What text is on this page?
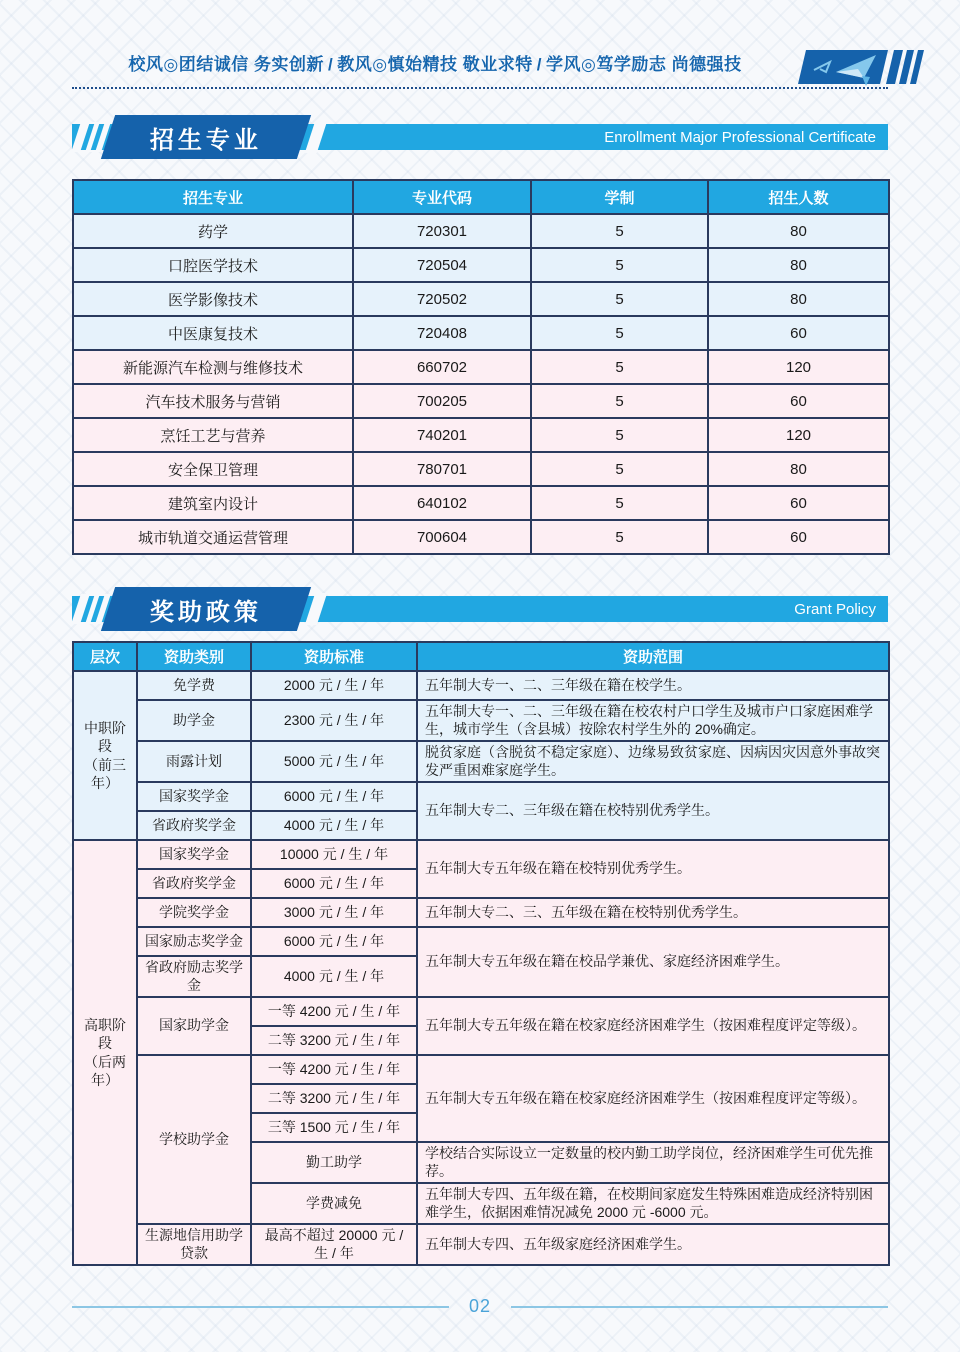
校风◎团结诚信 务实创新 / 教风◎慎始精技 敬业求特 / 学风◎笃学励志 尚德强技
Enrollment Major Professional Certificate
招生专业
招生专业	专业代码	学制	招生人数
药学	720301	5	80
口腔医学技术	720504	5	80
医学影像技术	720502	5	80
中医康复技术	720408	5	60
新能源汽车检测与维修技术	660702	5	120
汽车技术服务与营销	700205	5	60
烹饪工艺与营养	740201	5	120
安全保卫管理	780701	5	80
建筑室内设计	640102	5	60
城市轨道交通运营管理	700604	5	60
Grant Policy
奖助政策
层次	资助类别	资助标准	资助范围

中职阶段
（前三年）	免学费	2000 元 / 生 / 年	五年制大专一、二、三年级在籍在校学生。
	助学金	2300 元 / 生 / 年	五年制大专一、二、三年级在籍在校农村户口学生及城市户口家庭困难学生，城市学生（含县城）按除农村学生外的 20%确定。
	雨露计划	5000 元 / 生 / 年	脱贫家庭（含脱贫不稳定家庭）、边缘易致贫家庭、因病因灾因意外事故突发严重困难家庭学生。
	国家奖学金	6000 元 / 生 / 年	五年制大专二、三年级在籍在校特别优秀学生。
	省政府奖学金	4000 元 / 生 / 年	

高职阶段
（后两年）	国家奖学金	10000 元 / 生 / 年	五年制大专五年级在籍在校特别优秀学生。
	省政府奖学金	6000 元 / 生 / 年	
	学院奖学金	3000 元 / 生 / 年	五年制大专二、三、五年级在籍在校特别优秀学生。
	国家励志奖学金	6000 元 / 生 / 年	五年制大专五年级在籍在校品学兼优、家庭经济困难学生。
	省政府励志奖学金	4000 元 / 生 / 年	
	国家助学金	一等 4200 元 / 生 / 年	五年制大专五年级在籍在校家庭经济困难学生（按困难程度评定等级）。
		二等 3200 元 / 生 / 年	
	学校助学金	一等 4200 元 / 生 / 年	五年制大专五年级在籍在校家庭经济困难学生（按困难程度评定等级）。
		二等 3200 元 / 生 / 年	
		三等 1500 元 / 生 / 年	
		勤工助学	学校结合实际设立一定数量的校内勤工助学岗位，经济困难学生可优先推荐。
		学费减免	五年制大专四、五年级在籍，在校期间家庭发生特殊困难造成经济特别困难学生，依据困难情况减免 2000 元 -6000 元。
	生源地信用助学贷款	最高不超过 20000 元 / 生 / 年	五年制大专四、五年级家庭经济困难学生。
02
